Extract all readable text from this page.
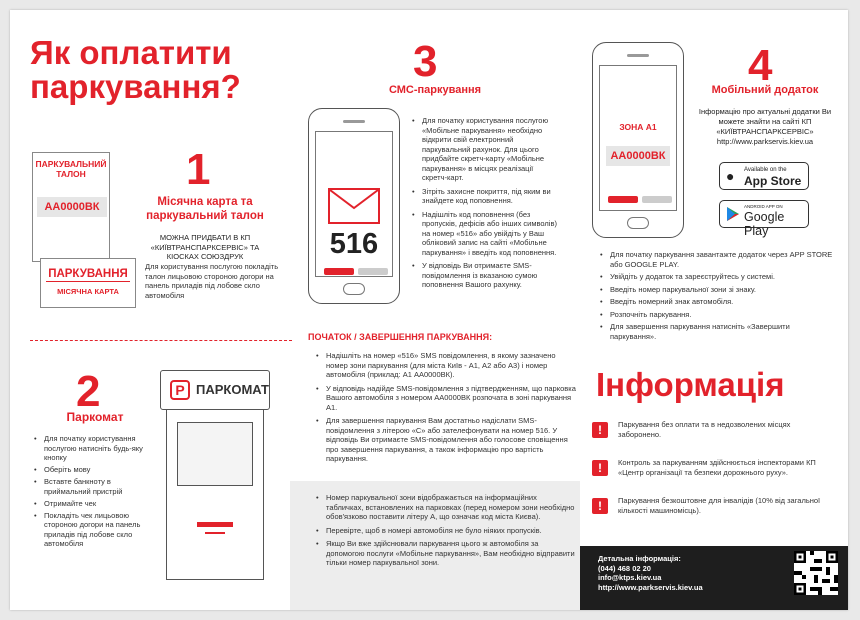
Як оплатити паркування?
ПАРКУВАЛЬНИЙ ТАЛОН
АА0000ВК
ПАРКУВАННЯ
МІСЯЧНА КАРТА
1
Місячна карта та паркувальний талон
МОЖНА ПРИДБАТИ В КП «КИЇВТРАНСПАРКСЕРВІС» ТА КІОСКАХ СОЮЗДРУК
Для користування послугою покладіть талон лицьовою стороною догори на панель приладів під лобове скло автомобіля
2
Паркомат
• Для початку користування послугою натисніть будь-яку кнопку
• Оберіть мову
• Вставте банкноту в приймальний пристрій
• Отримайте чек
• Покладіть чек лицьовою стороною догори на панель приладів під лобове скло автомобіля
P ПАРКОМАТ
3
СМС-паркування
516
• Для початку користування послугою «Мобільне паркування» необхідно відкрити свій електронний паркувальний рахунок. Для цього придбайте скретч-карту «Мобільне паркування» в місцях реалізації скретч-карт.
• Зітріть захисне покриття, під яким ви знайдете код поповнення.
• Надішліть код поповнення (без пропусків, дефісів або інших символів) на номер «516» або увійдіть у Ваш обліковий запис на сайті «Мобільне паркування» і введіть код поповнення.
• У відповідь Ви отримаєте SMS-повідомлення із вказаною сумою поповнення Вашого рахунку.
ПОЧАТОК / ЗАВЕРШЕННЯ ПАРКУВАННЯ:
• Надішліть на номер «516» SMS повідомлення, в якому зазначено номер зони паркування (для міста Київ - А1, А2 або А3) і номер автомобіля (приклад: А1 АА0000ВК).
• У відповідь надійде SMS-повідомлення з підтвердженням, що парковка Вашого автомобіля з номером АА0000ВК розпочата в зоні паркування А1.
• Для завершення паркування Вам достатньо надіслати SMS-повідомлення з літерою «С» або зателефонувати на номер 516. У відповідь Ви отримаєте SMS-повідомлення або голосове сповіщення про завершення паркування, а також інформацію про вартість паркування.
• Номер паркувальної зони відображається на інформаційних табличках, встановлених на парковках (перед номером зони необхідно обов'язково поставити літеру А, що означає код міста Києва).
• Перевірте, щоб в номері автомобіля не було ніяких пропусків.
• Якщо Ви вже здійснювали паркування цього ж автомобіля за допомогою послуги «Мобільне паркування», Вам необхідно відправити тільки номер паркувальної зони.
ЗОНА А1
АА0000ВК
4
Мобільний додаток
Інформацію про актуальні додатки Ви можете знайти на сайті КП «КИЇВТРАНСПАРКСЕРВІС» http://www.parkservis.kiev.ua
● Available on the
App Store
ANDROID APP ON
Google Play
• Для початку паркування завантажте додаток через APP STORE або GOOGLE PLAY.
• Увійдіть у додаток та зареєструйтесь у системі.
• Введіть номер паркувальної зони зі знаку.
• Введіть номерний знак автомобіля.
• Розпочніть паркування.
• Для завершення паркування натисніть «Завершити паркування».
Інформація
!	Паркування без оплати та в недозволених місцях заборонено.
!	Контроль за паркуванням здійснюється інспекторами КП «Центр організації та безпеки дорожнього руху».
!	Паркування безкоштовне для інвалідів (10% від загальної кількості машиномісць).
Детальна інформація:
(044) 468 02 20
info@ktps.kiev.ua
http://www.parkservis.kiev.ua
